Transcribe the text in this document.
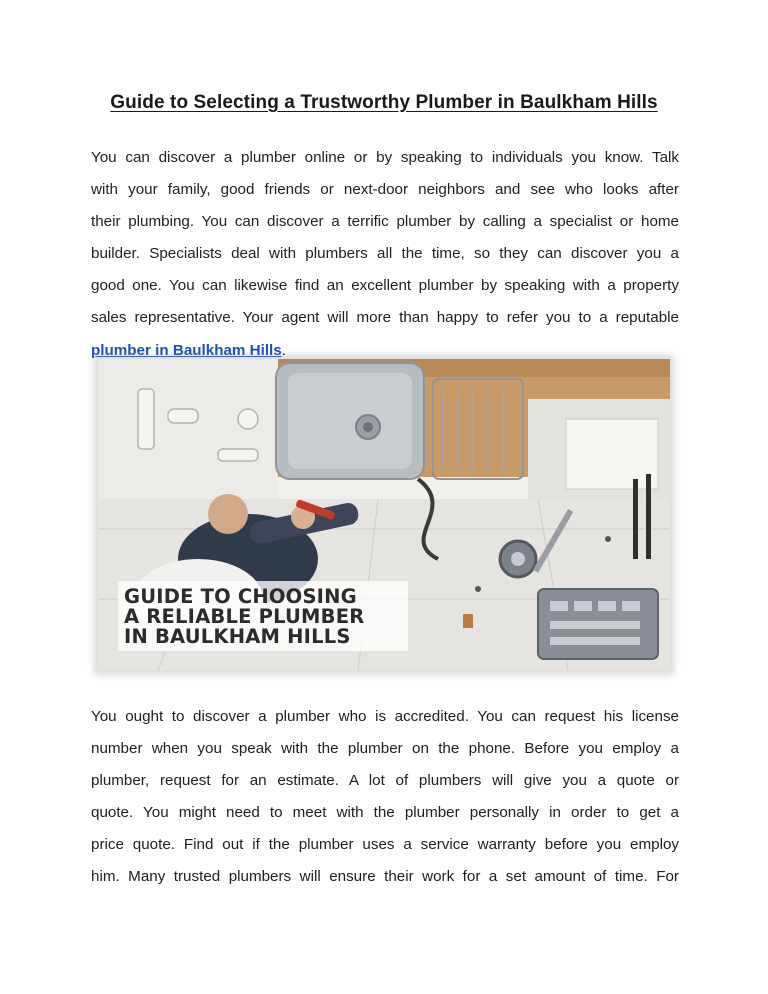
Guide to Selecting a Trustworthy Plumber in Baulkham Hills
You can discover a plumber online or by speaking to individuals you know. Talk
with your family, good friends or next-door neighbors and see who looks after
their plumbing. You can discover a terrific plumber by calling a specialist or home
builder. Specialists deal with plumbers all the time, so they can discover you a
good one. You can likewise find an excellent plumber by speaking with a property
sales representative. Your agent will more than happy to refer you to a reputable
plumber in Baulkham Hills.
GUIDE TO CHOOSING
A RELIABLE PLUMBER
IN BAULKHAM HILLS
You ought to discover a plumber who is accredited. You can request his license
number when you speak with the plumber on the phone. Before you employ a
plumber, request for an estimate. A lot of plumbers will give you a quote or
quote. You might need to meet with the plumber personally in order to get a
price quote. Find out if the plumber uses a service warranty before you employ
him. Many trusted plumbers will ensure their work for a set amount of time. For
